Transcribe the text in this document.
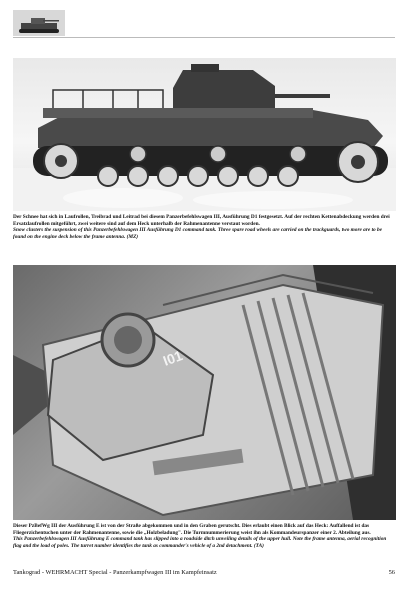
Der Schnee hat sich in Laufrollen, Treibrad und Leitrad bei diesem Panzerbefehlswagen III, Ausführung D1 festgesetzt. Auf der rechten Kettenabdeckung werden drei Ersatzlaufrollen mitgeführt, zwei weitere sind auf dem Heck unterhalb der Rahmenantenne verstaut worden.

Snow clusters the suspension of this Panzerbefehlswagen III Ausführung D1 command tank. Three spare road wheels are carried on the trackguards, two more are to be found on the engine deck below the frame antenna. (MZ)

I01

Dieser PzBefWg III der Ausführung E ist von der Straße abgekommen und in den Graben gerutscht. Dies erlaubt einen Blick auf das Heck: Auffallend ist das Fliegerzichentuchen unter der Rahmenantenne, sowie die „Holzbeladung". Die Turmnummerierung weist ihn als Kommandeurspanzer einer 2. Abteilung aus.

This Panzerbefehlswagen III Ausführung E command tank has slipped into a roadside ditch unveiling details of the upper hull. Note the frame antenna, aerial recognition flag and the load of poles. The turret number identifies the tank as commander's vehicle of a 2nd detachment. (TA)

Tankograd - WEHRMACHT Special - Panzerkampfwagen III im Kampfeinsatz	56
